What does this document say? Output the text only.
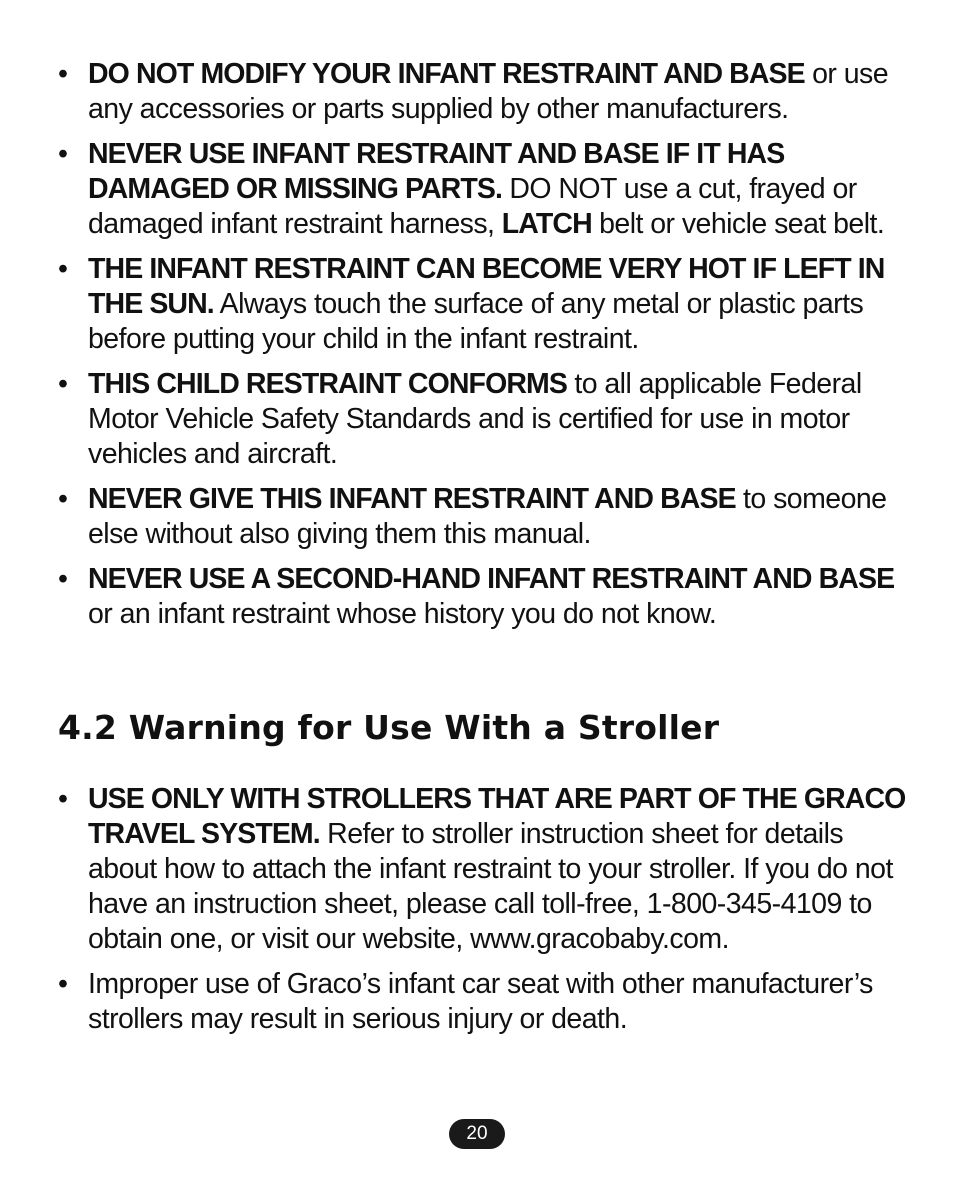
• DO NOT MODIFY YOUR INFANT RESTRAINT AND BASE or use any accessories or parts supplied by other manufacturers.
• NEVER USE INFANT RESTRAINT AND BASE IF IT HAS DAMAGED OR MISSING PARTS. DO NOT use a cut, frayed or damaged infant restraint harness, LATCH belt or vehicle seat belt.
• THE INFANT RESTRAINT CAN BECOME VERY HOT IF LEFT IN THE SUN. Always touch the surface of any metal or plastic parts before putting your child in the infant restraint.
• THIS CHILD RESTRAINT CONFORMS to all applicable Federal Motor Vehicle Safety Standards and is certified for use in motor vehicles and aircraft.
• NEVER GIVE THIS INFANT RESTRAINT AND BASE to someone else without also giving them this manual.
• NEVER USE A SECOND-HAND INFANT RESTRAINT AND BASE or an infant restraint whose history you do not know.
4.2 Warning for Use With a Stroller
• USE ONLY WITH STROLLERS THAT ARE PART OF THE GRACO TRAVEL SYSTEM. Refer to stroller instruction sheet for details about how to attach the infant restraint to your stroller. If you do not have an instruction sheet, please call toll-free, 1-800-345-4109 to obtain one, or visit our website, www.gracobaby.com.
• Improper use of Graco’s infant car seat with other manufacturer’s strollers may result in serious injury or death.
20
